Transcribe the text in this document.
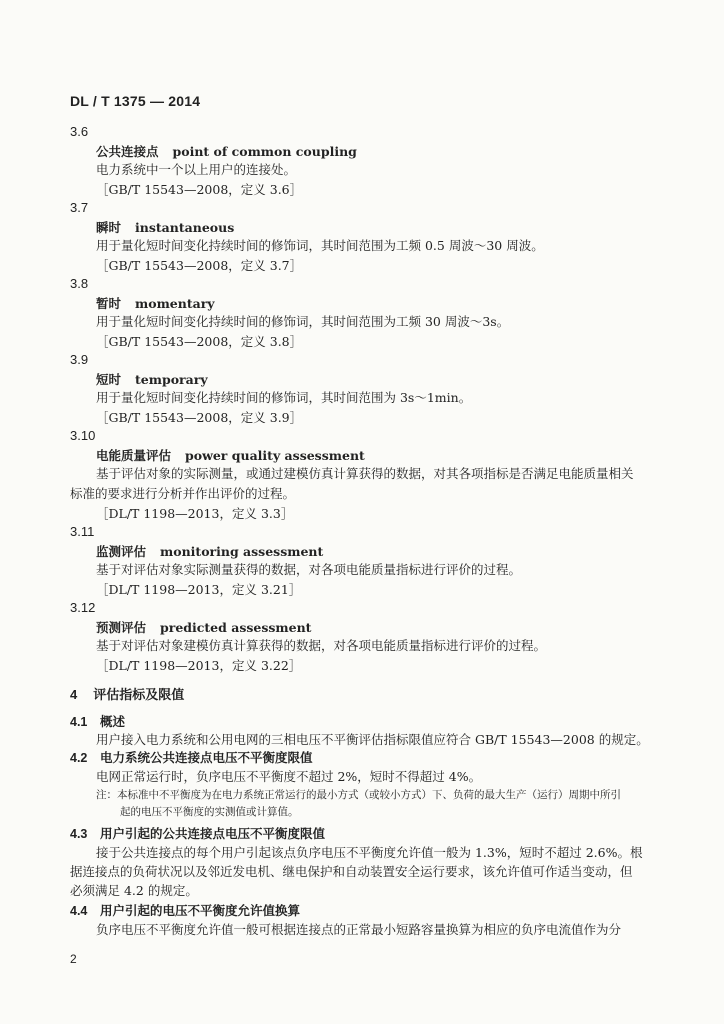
DL / T 1375 — 2014
3.6
公共连接点 point of common coupling
电力系统中一个以上用户的连接处。
［GB/T 15543—2008，定义 3.6］
3.7
瞬时 instantaneous
用于量化短时间变化持续时间的修饰词，其时间范围为工频 0.5 周波～30 周波。
［GB/T 15543—2008，定义 3.7］
3.8
暂时 momentary
用于量化短时间变化持续时间的修饰词，其时间范围为工频 30 周波～3s。
［GB/T 15543—2008，定义 3.8］
3.9
短时 temporary
用于量化短时间变化持续时间的修饰词，其时间范围为 3s～1min。
［GB/T 15543—2008，定义 3.9］
3.10
电能质量评估 power quality assessment
基于评估对象的实际测量，或通过建模仿真计算获得的数据，对其各项指标是否满足电能质量相关
标准的要求进行分析并作出评价的过程。
［DL/T 1198—2013，定义 3.3］
3.11
监测评估 monitoring assessment
基于对评估对象实际测量获得的数据，对各项电能质量指标进行评价的过程。
［DL/T 1198—2013，定义 3.21］
3.12
预测评估 predicted assessment
基于对评估对象建模仿真计算获得的数据，对各项电能质量指标进行评价的过程。
［DL/T 1198—2013，定义 3.22］
4 评估指标及限值
4.1 概述
用户接入电力系统和公用电网的三相电压不平衡评估指标限值应符合 GB/T 15543—2008 的规定。
4.2 电力系统公共连接点电压不平衡度限值
电网正常运行时，负序电压不平衡度不超过 2%，短时不得超过 4%。
注：本标准中不平衡度为在电力系统正常运行的最小方式（或较小方式）下、负荷的最大生产（运行）周期中所引
起的电压不平衡度的实测值或计算值。
4.3 用户引起的公共连接点电压不平衡度限值
接于公共连接点的每个用户引起该点负序电压不平衡度允许值一般为 1.3%，短时不超过 2.6%。根
据连接点的负荷状况以及邻近发电机、继电保护和自动装置安全运行要求，该允许值可作适当变动，但
必须满足 4.2 的规定。
4.4 用户引起的电压不平衡度允许值换算
负序电压不平衡度允许值一般可根据连接点的正常最小短路容量换算为相应的负序电流值作为分
2
